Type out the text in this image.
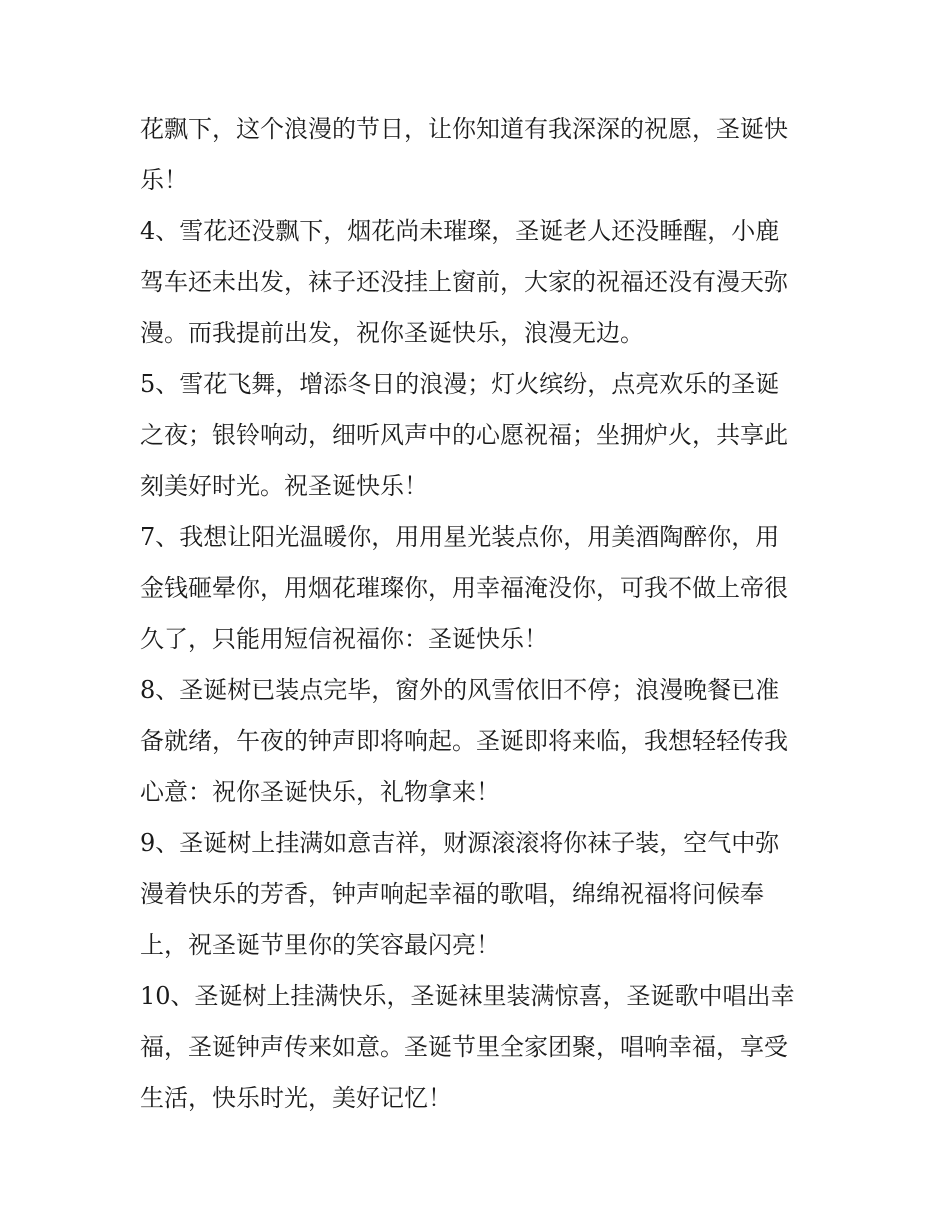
花飘下，这个浪漫的节日，让你知道有我深深的祝愿，圣诞快
乐！
4、雪花还没飘下，烟花尚未璀璨，圣诞老人还没睡醒，小鹿
驾车还未出发，袜子还没挂上窗前，大家的祝福还没有漫天弥
漫。而我提前出发，祝你圣诞快乐，浪漫无边。
5、雪花飞舞，增添冬日的浪漫；灯火缤纷，点亮欢乐的圣诞
之夜；银铃响动，细听风声中的心愿祝福；坐拥炉火，共享此
刻美好时光。祝圣诞快乐！
7、我想让阳光温暖你，用用星光装点你，用美酒陶醉你，用
金钱砸晕你，用烟花璀璨你，用幸福淹没你，可我不做上帝很
久了，只能用短信祝福你：圣诞快乐！
8、圣诞树已装点完毕，窗外的风雪依旧不停；浪漫晚餐已准
备就绪，午夜的钟声即将响起。圣诞即将来临，我想轻轻传我
心意：祝你圣诞快乐，礼物拿来！
9、圣诞树上挂满如意吉祥，财源滚滚将你袜子装，空气中弥
漫着快乐的芳香，钟声响起幸福的歌唱，绵绵祝福将问候奉
上，祝圣诞节里你的笑容最闪亮！
10、圣诞树上挂满快乐，圣诞袜里装满惊喜，圣诞歌中唱出幸
福，圣诞钟声传来如意。圣诞节里全家团聚，唱响幸福，享受
生活，快乐时光，美好记忆！
